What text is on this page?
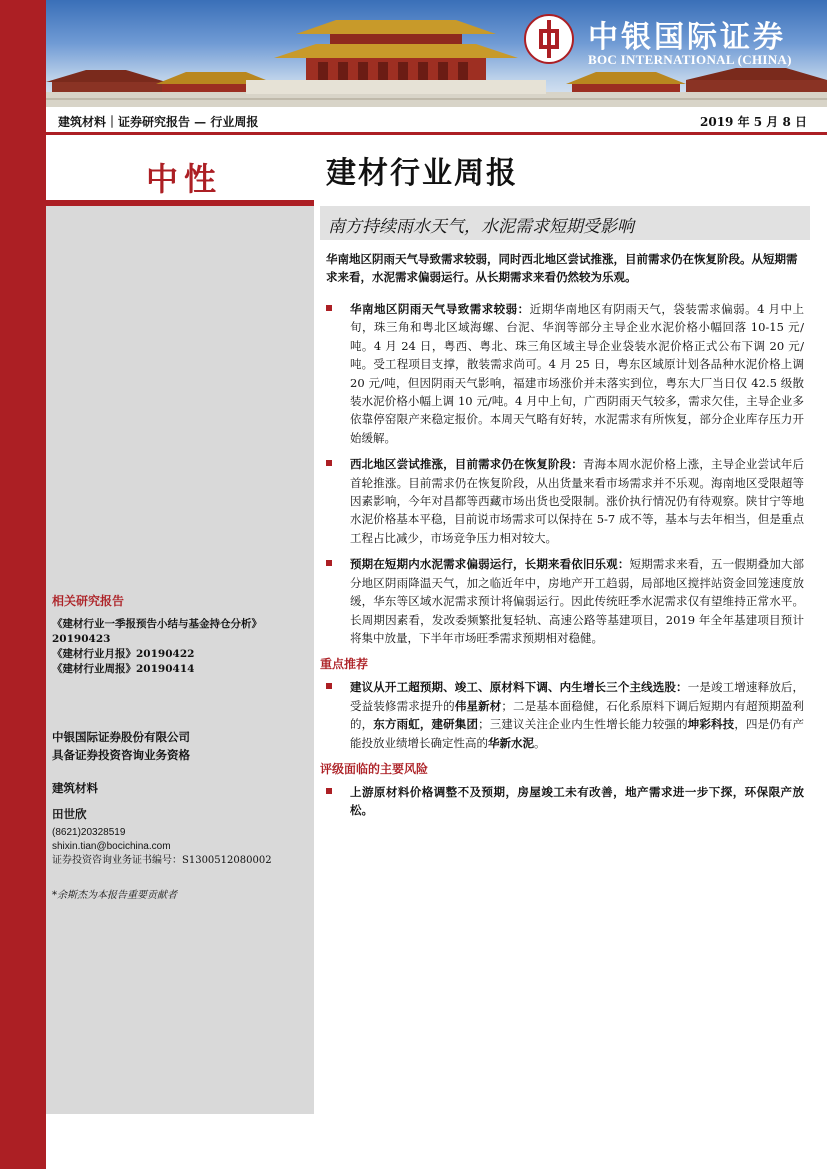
中银国际证券
BOC INTERNATIONAL (CHINA)
建筑材料｜证券研究报告 — 行业周报	2019 年 5 月 8 日
中性
相关研究报告
《建材行业一季报预告小结与基金持仓分析》20190423
《建材行业月报》20190422
《建材行业周报》20190414
中银国际证券股份有限公司
具备证券投资咨询业务资格
建筑材料
田世欣
(8621)20328519
shixin.tian@bocichina.com
证券投资咨询业务证书编号：S1300512080002
*余斯杰为本报告重要贡献者
建材行业周报
南方持续雨水天气，水泥需求短期受影响
华南地区阴雨天气导致需求较弱，同时西北地区尝试推涨，目前需求仍在恢复阶段。从短期需求来看，水泥需求偏弱运行。从长期需求来看仍然较为乐观。
华南地区阴雨天气导致需求较弱：近期华南地区有阴雨天气，袋装需求偏弱。4 月中上旬，珠三角和粤北区域海螺、台泥、华润等部分主导企业水泥价格小幅回落 10-15 元/吨。4 月 24 日，粤西、粤北、珠三角区域主导企业袋装水泥价格正式公布下调 20 元/吨。受工程项目支撑，散装需求尚可。4 月 25 日，粤东区域原计划各品种水泥价格上调 20 元/吨，但因阴雨天气影响，福建市场涨价并未落实到位，粤东大厂当日仅 42.5 级散装水泥价格小幅上调 10 元/吨。4 月中上旬，广西阴雨天气较多，需求欠佳，主导企业多依靠停窑限产来稳定报价。本周天气略有好转，水泥需求有所恢复，部分企业库存压力开始缓解。
西北地区尝试推涨，目前需求仍在恢复阶段：青海本周水泥价格上涨，主导企业尝试年后首轮推涨。目前需求仍在恢复阶段，从出货量来看市场需求并不乐观。海南地区受限超等因素影响，今年对昌都等西藏市场出货也受限制。涨价执行情况仍有待观察。陕甘宁等地水泥价格基本平稳，目前说市场需求可以保持在 5-7 成不等，基本与去年相当，但是重点工程占比减少，市场竞争压力相对较大。
预期在短期内水泥需求偏弱运行，长期来看依旧乐观：短期需求来看，五一假期叠加大部分地区阴雨降温天气，加之临近年中，房地产开工趋弱，局部地区搅拌站资金回笼速度放缓，华东等区域水泥需求预计将偏弱运行。因此传统旺季水泥需求仅有望维持正常水平。长周期因素看，发改委频繁批复轻轨、高速公路等基建项目，2019 年全年基建项目预计将集中放量，下半年市场旺季需求预期相对稳健。
重点推荐
建议从开工超预期、竣工、原材料下调、内生增长三个主线选股：一是竣工增速释放后，受益装修需求提升的伟星新材；二是基本面稳健，石化系原料下调后短期内有超预期盈利的，东方雨虹，建研集团；三建议关注企业内生性增长能力较强的坤彩科技，四是仍有产能投放业绩增长确定性高的华新水泥。
评级面临的主要风险
上游原材料价格调整不及预期，房屋竣工未有改善，地产需求进一步下探，环保限产放松。
